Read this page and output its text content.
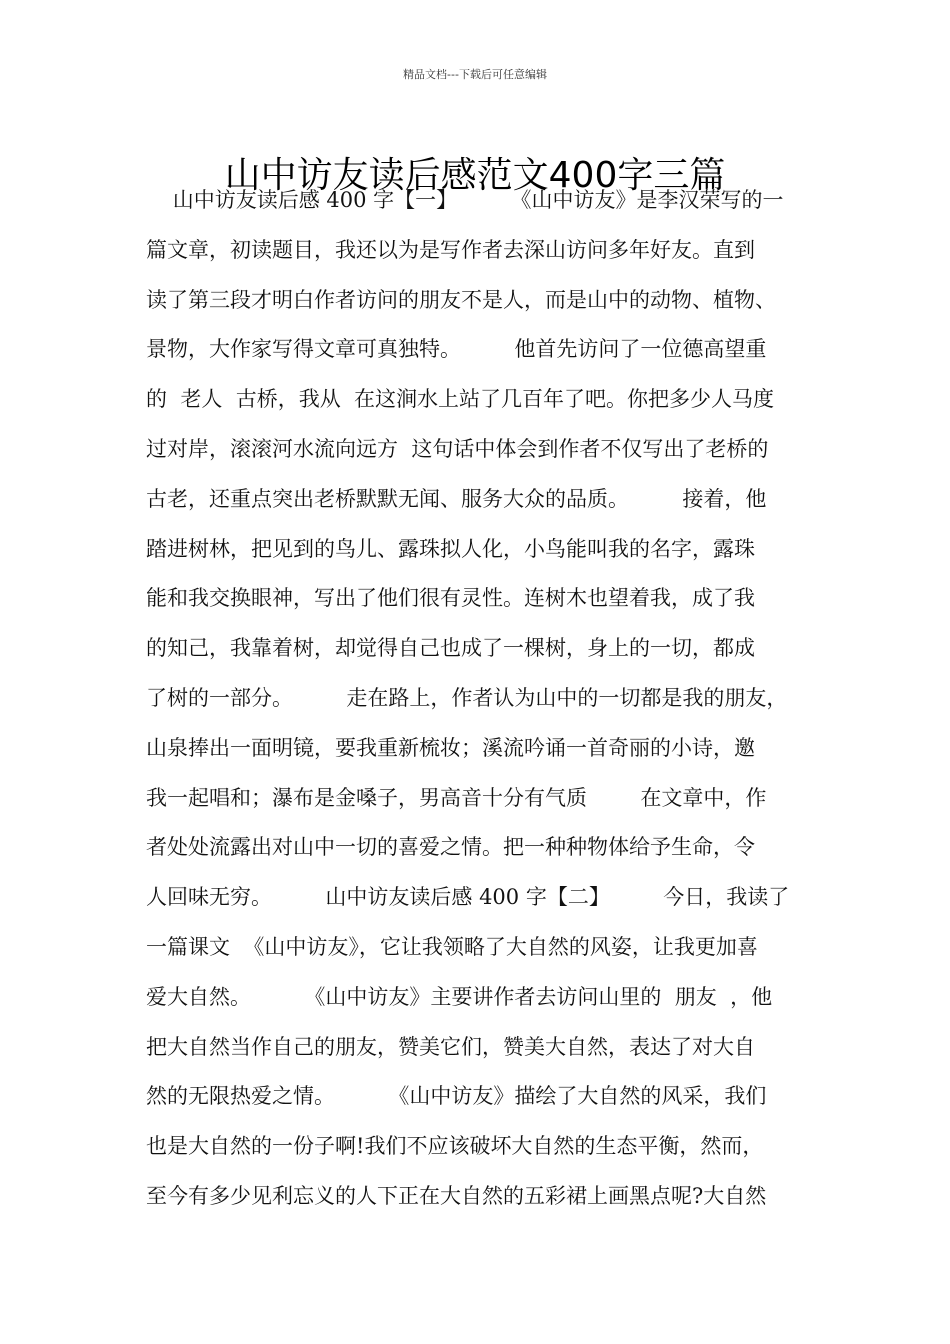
精品文档---下载后可任意编辑
山中访友读后感范文400字三篇
山中访友读后感 400 字【一】        《山中访友》是李汉荣写的一
篇文章，初读题目，我还以为是写作者去深山访问多年好友。直到
读了第三段才明白作者访问的朋友不是人，而是山中的动物、植物、
景物，大作家写得文章可真独特。        他首先访问了一位德高望重
的  老人  古桥，我从  在这涧水上站了几百年了吧。你把多少人马度
过对岸，滚滚河水流向远方  这句话中体会到作者不仅写出了老桥的
古老，还重点突出老桥默默无闻、服务大众的品质。        接着，他
踏进树林，把见到的鸟儿、露珠拟人化，小鸟能叫我的名字，露珠
能和我交换眼神，写出了他们很有灵性。连树木也望着我，成了我
的知己，我靠着树，却觉得自己也成了一棵树，身上的一切，都成
了树的一部分。        走在路上，作者认为山中的一切都是我的朋友，
山泉捧出一面明镜，要我重新梳妆；溪流吟诵一首奇丽的小诗，邀
我一起唱和；瀑布是金嗓子，男高音十分有气质        在文章中，作
者处处流露出对山中一切的喜爱之情。把一种种物体给予生命，令
人回味无穷。        山中访友读后感 400 字【二】        今日，我读了
一篇课文  《山中访友》，它让我领略了大自然的风姿，让我更加喜
爱大自然。        《山中访友》主要讲作者去访问山里的  朋友  ，他
把大自然当作自己的朋友，赞美它们，赞美大自然，表达了对大自
然的无限热爱之情。        《山中访友》描绘了大自然的风采，我们
也是大自然的一份子啊!我们不应该破坏大自然的生态平衡，然而，
至今有多少见利忘义的人下正在大自然的五彩裙上画黑点呢?大自然
